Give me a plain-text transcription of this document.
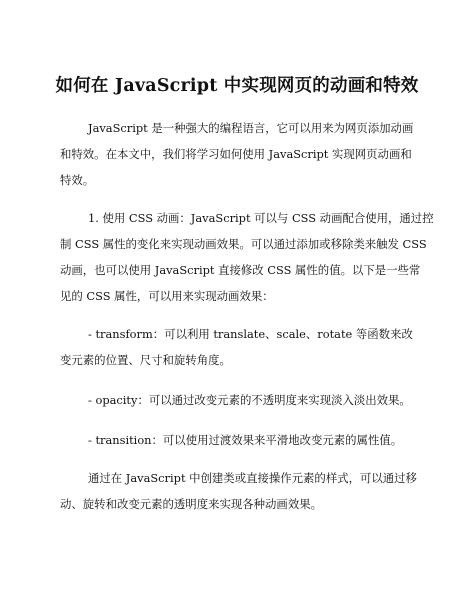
如何在 JavaScript 中实现网页的动画和特效
JavaScript 是一种强大的编程语言，它可以用来为网页添加动画
和特效。在本文中，我们将学习如何使用 JavaScript 实现网页动画和
特效。
1. 使用 CSS 动画：JavaScript 可以与 CSS 动画配合使用，通过控
制 CSS 属性的变化来实现动画效果。可以通过添加或移除类来触发 CSS
动画，也可以使用 JavaScript 直接修改 CSS 属性的值。以下是一些常
见的 CSS 属性，可以用来实现动画效果：
- transform：可以利用 translate、scale、rotate 等函数来改
变元素的位置、尺寸和旋转角度。
- opacity：可以通过改变元素的不透明度来实现淡入淡出效果。
- transition：可以使用过渡效果来平滑地改变元素的属性值。
通过在 JavaScript 中创建类或直接操作元素的样式，可以通过移
动、旋转和改变元素的透明度来实现各种动画效果。
